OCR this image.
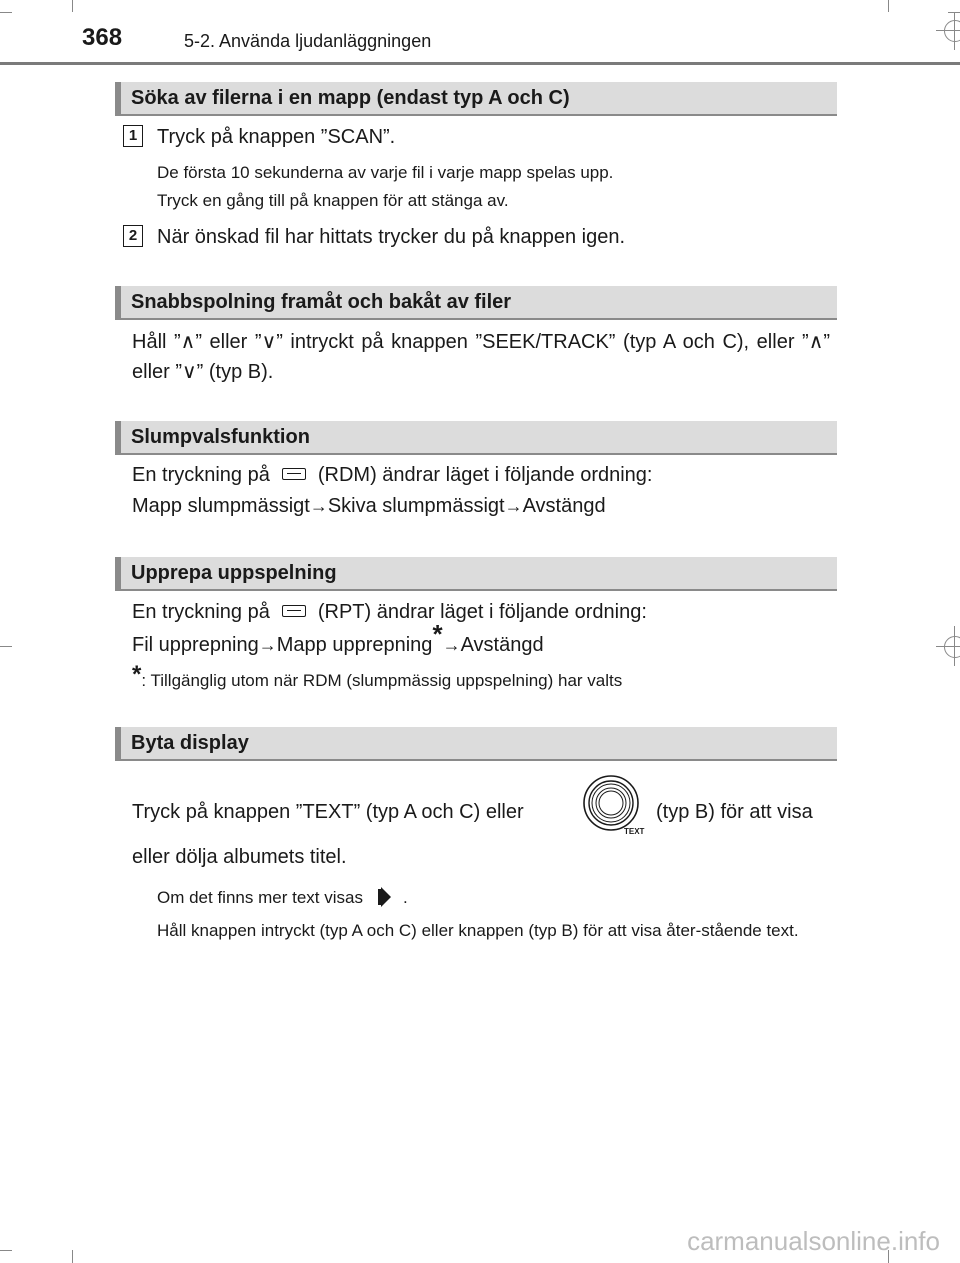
368	5-2. Använda ljudanläggningen
Söka av filerna i en mapp (endast typ A och C)
1 Tryck på knappen ”SCAN”.
De första 10 sekunderna av varje fil i varje mapp spelas upp.
Tryck en gång till på knappen för att stänga av.
2 När önskad fil har hittats trycker du på knappen igen.
Snabbspolning framåt och bakåt av filer
Håll ”∧” eller ”∨” intryckt på knappen ”SEEK/TRACK” (typ A och C), eller ”∧” eller ”∨” (typ B).
Slumpvalsfunktion
En tryckning på (RDM) ändrar läget i följande ordning:
Mapp slumpmässigt→Skiva slumpmässigt→Avstängd
Upprepa uppspelning
En tryckning på (RPT) ändrar läget i följande ordning:
Fil upprepning→Mapp upprepning*→Avstängd
*: Tillgänglig utom när RDM (slumpmässig uppspelning) har valts
Byta display
Tryck på knappen ”TEXT” (typ A och C) eller
TEXT
(typ B) för att visa
eller dölja albumets titel.
Om det finns mer text visas .
Håll knappen intryckt (typ A och C) eller knappen (typ B) för att visa åter-stående text.
carmanualsonline.info
